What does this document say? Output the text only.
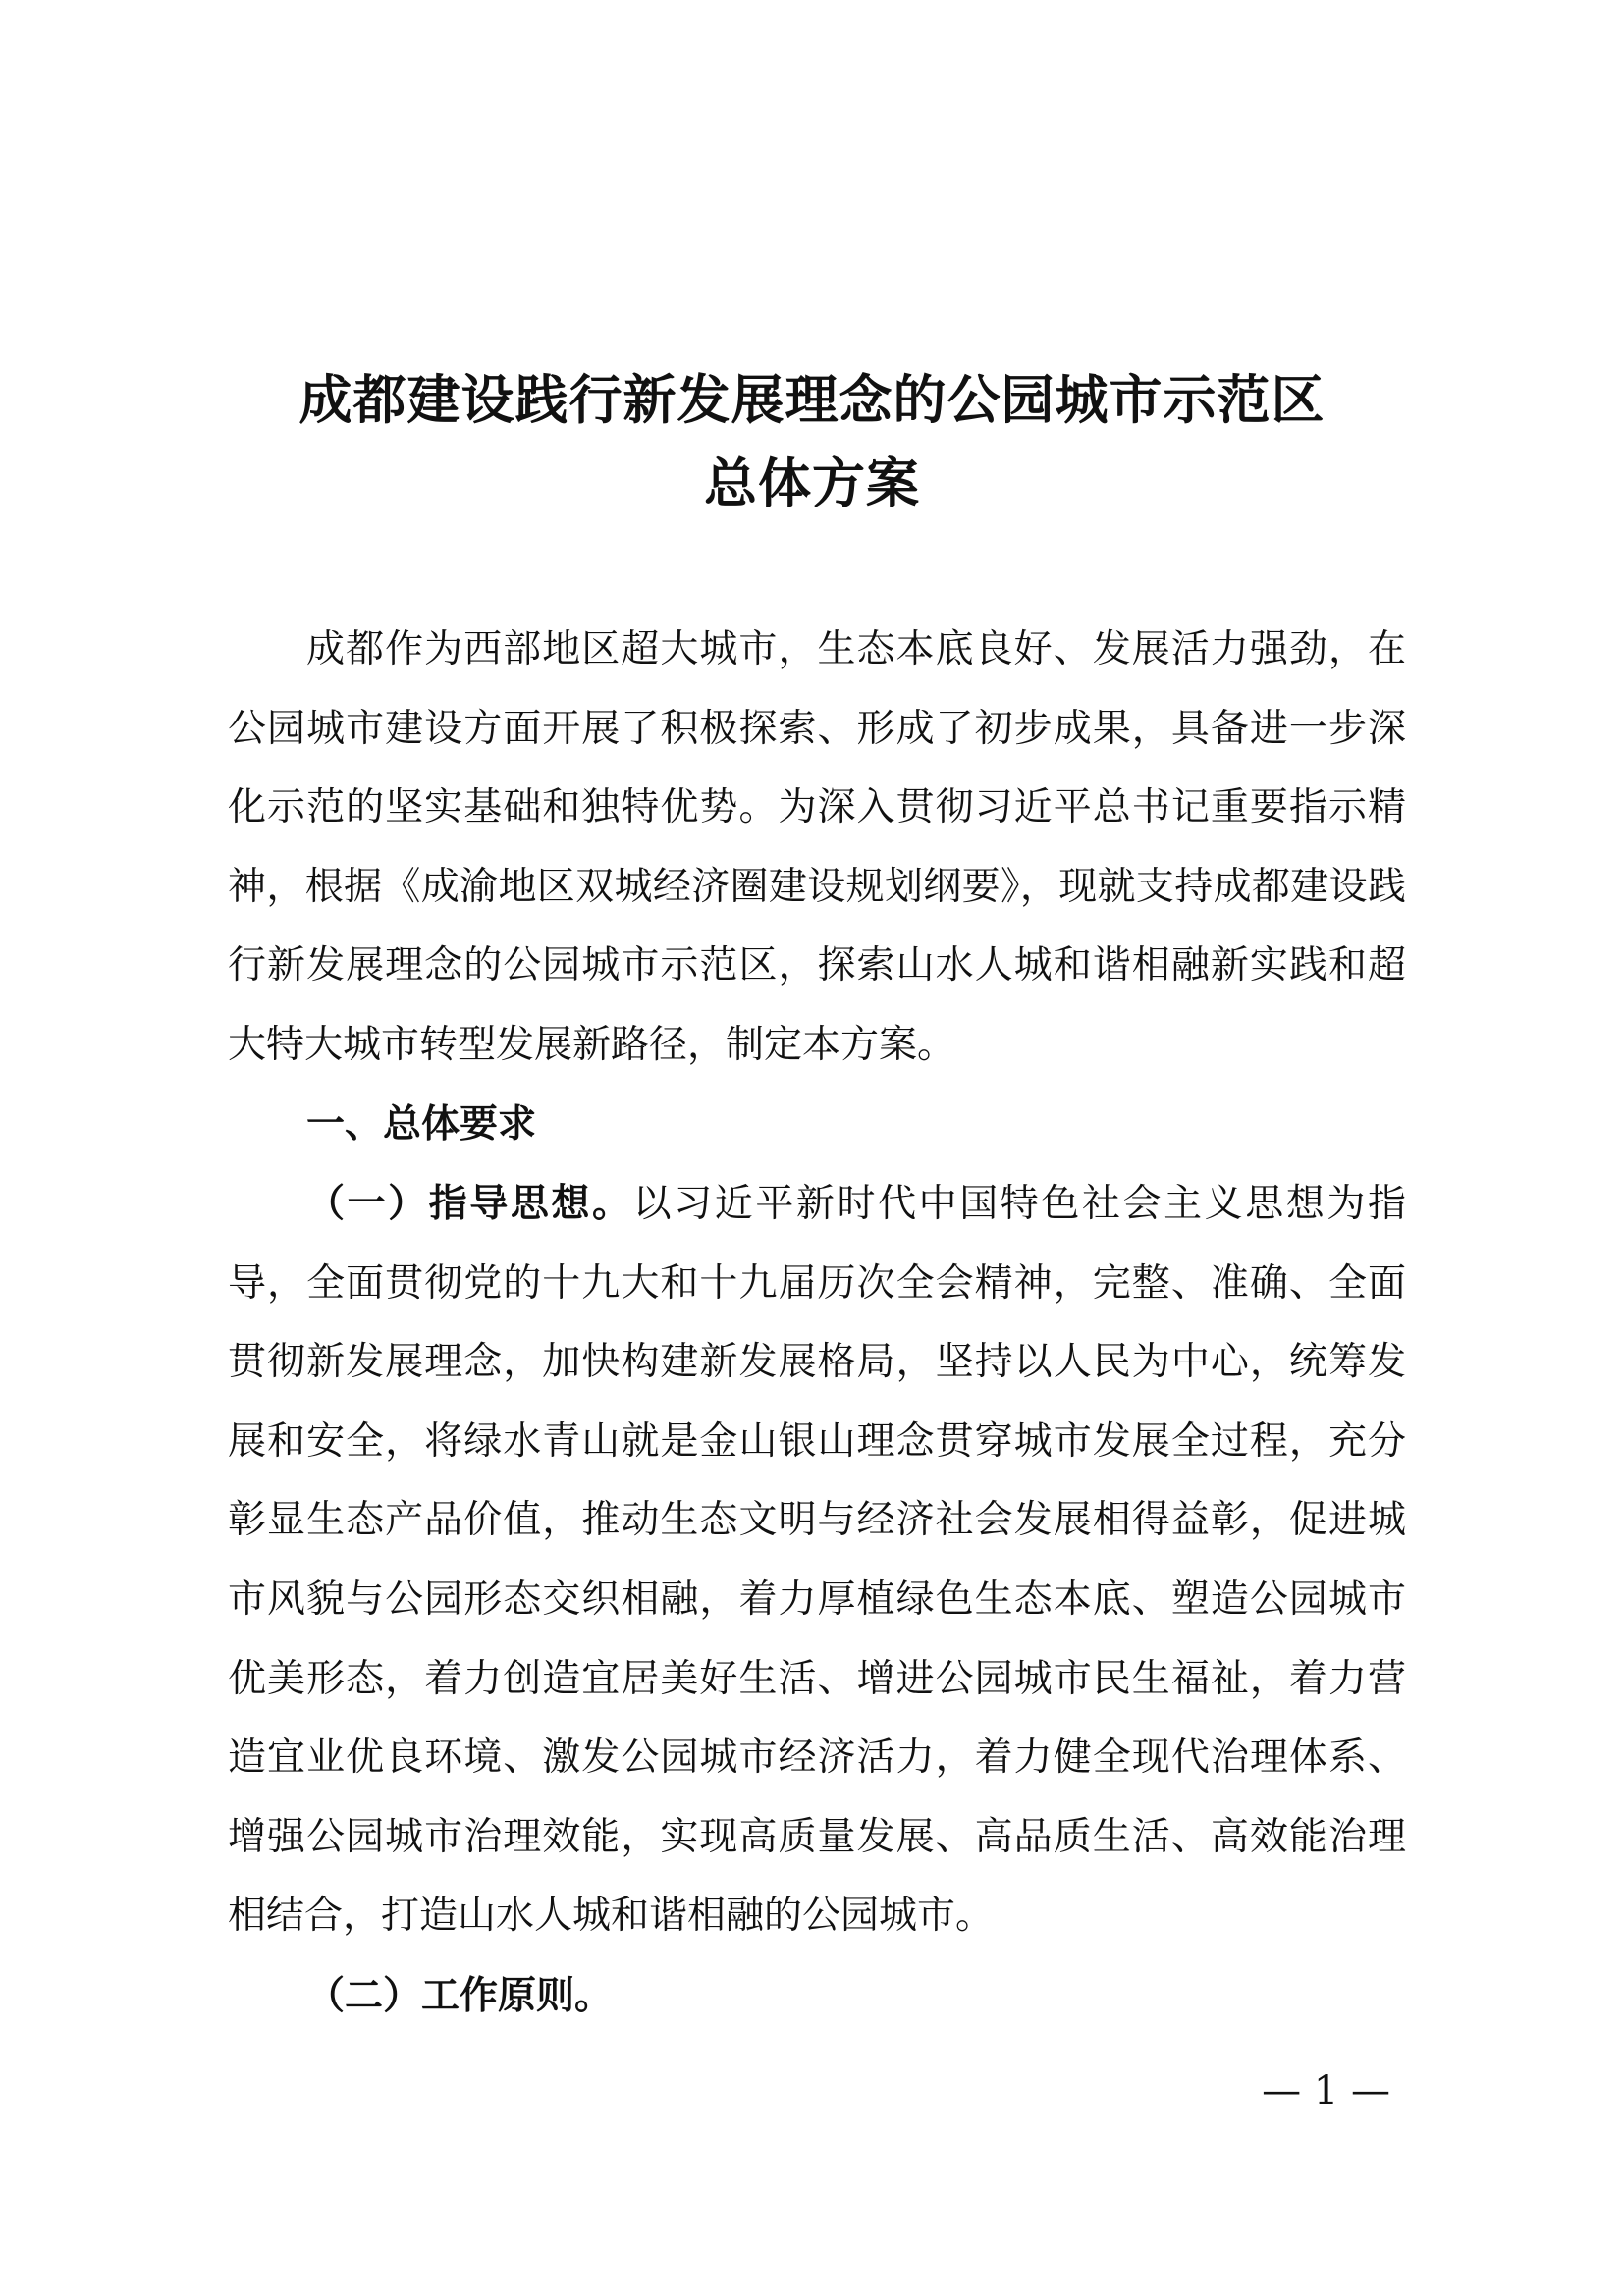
成都建设践行新发展理念的公园城市示范区
总体方案

成都作为西部地区超大城市，生态本底良好、发展活力强劲，在公园城市建设方面开展了积极探索、形成了初步成果，具备进一步深化示范的坚实基础和独特优势。为深入贯彻习近平总书记重要指示精神，根据《成渝地区双城经济圈建设规划纲要》，现就支持成都建设践行新发展理念的公园城市示范区，探索山水人城和谐相融新实践和超大特大城市转型发展新路径，制定本方案。

一、总体要求

（一）指导思想。以习近平新时代中国特色社会主义思想为指导，全面贯彻党的十九大和十九届历次全会精神，完整、准确、全面贯彻新发展理念，加快构建新发展格局，坚持以人民为中心，统筹发展和安全，将绿水青山就是金山银山理念贯穿城市发展全过程，充分彰显生态产品价值，推动生态文明与经济社会发展相得益彰，促进城市风貌与公园形态交织相融，着力厚植绿色生态本底、塑造公园城市优美形态，着力创造宜居美好生活、增进公园城市民生福祉，着力营造宜业优良环境、激发公园城市经济活力，着力健全现代治理体系、增强公园城市治理效能，实现高质量发展、高品质生活、高效能治理相结合，打造山水人城和谐相融的公园城市。

（二）工作原则。
— 1 —
